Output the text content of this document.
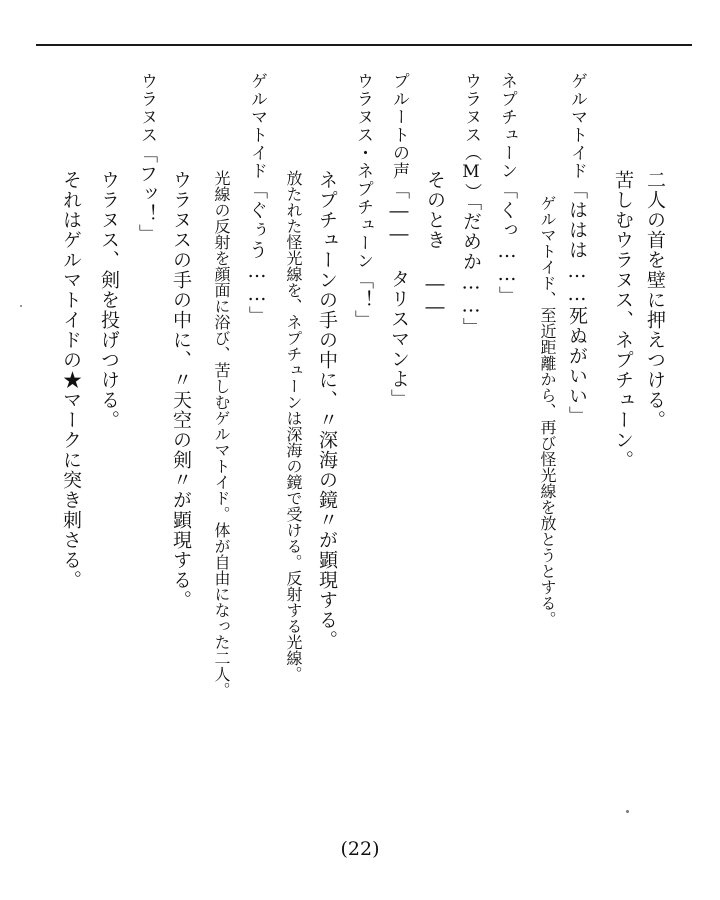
二人の首を壁に押えつける。
苦しむウラヌス、ネプチューン。
ゲルマトイド「ははは……死ぬがいい」
ゲルマトイド、至近距離から、再び怪光線を放とうとする。
ネプチューン「くっ……」
ウラヌス（M）「だめか……」
そのとき ――
プルートの声「―― タリスマンよ」
ウラヌス・ネプチューン「！」
ネプチューンの手の中に、〃深海の鏡〃が顕現する。
放たれた怪光線を、ネプチューンは深海の鏡で受ける。反射する光線。
ゲルマトイド「ぐぅう……」
光線の反射を顔面に浴び、苦しむゲルマトイド。体が自由になった二人。
ウラヌスの手の中に、〃天空の剣〃が顕現する。
ウラヌス「フッ！」
ウラヌス、剣を投げつける。
それはゲルマトイドの★マークに突き刺さる。
(22)
